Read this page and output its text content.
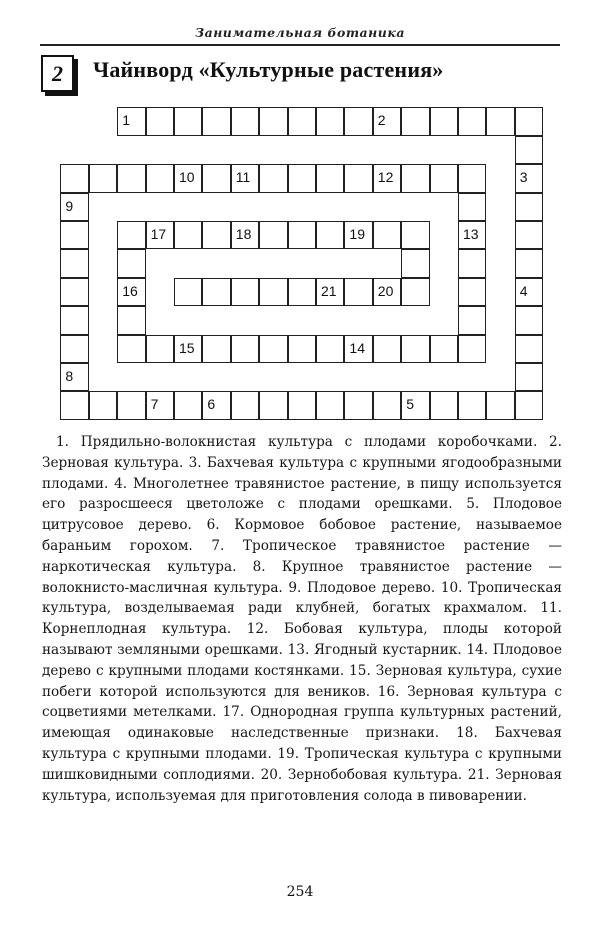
Занимательная ботаника
2	Чайнворд «Культурные растения»
1	2
10	11	12	3
9
17	18	19	13
16	21	20	4
15	14
8
7	6	5
1. Прядильно-волокнистая культура с плодами коробочками. 2. Зерновая культура. 3. Бахчевая культура с крупными ягодообразными плодами. 4. Многолетнее травянистое растение, в пищу используется его разросшееся цветоложе с плодами орешками. 5. Плодовое цитрусовое дерево. 6. Кормовое бобовое растение, называемое бараньим горохом. 7. Тропическое травянистое растение — наркотическая культура. 8. Крупное травянистое растение — волокнисто-масличная культура. 9. Плодовое дерево. 10. Тропическая культура, возделываемая ради клубней, богатых крахмалом. 11. Корнеплодная культура. 12. Бобовая культура, плоды которой называют земляными орешками. 13. Ягодный кустарник. 14. Плодовое дерево с крупными плодами костянками. 15. Зерновая культура, сухие побеги которой используются для веников. 16. Зерновая культура с соцветиями метелками. 17. Однородная группа культурных растений, имеющая одинаковые наследственные признаки. 18. Бахчевая культура с крупными плодами. 19. Тропическая культура с крупными шишковидными соплодиями. 20. Зернобобовая культура. 21. Зерновая культура, используемая для приготовления солода в пивоварении.
254
